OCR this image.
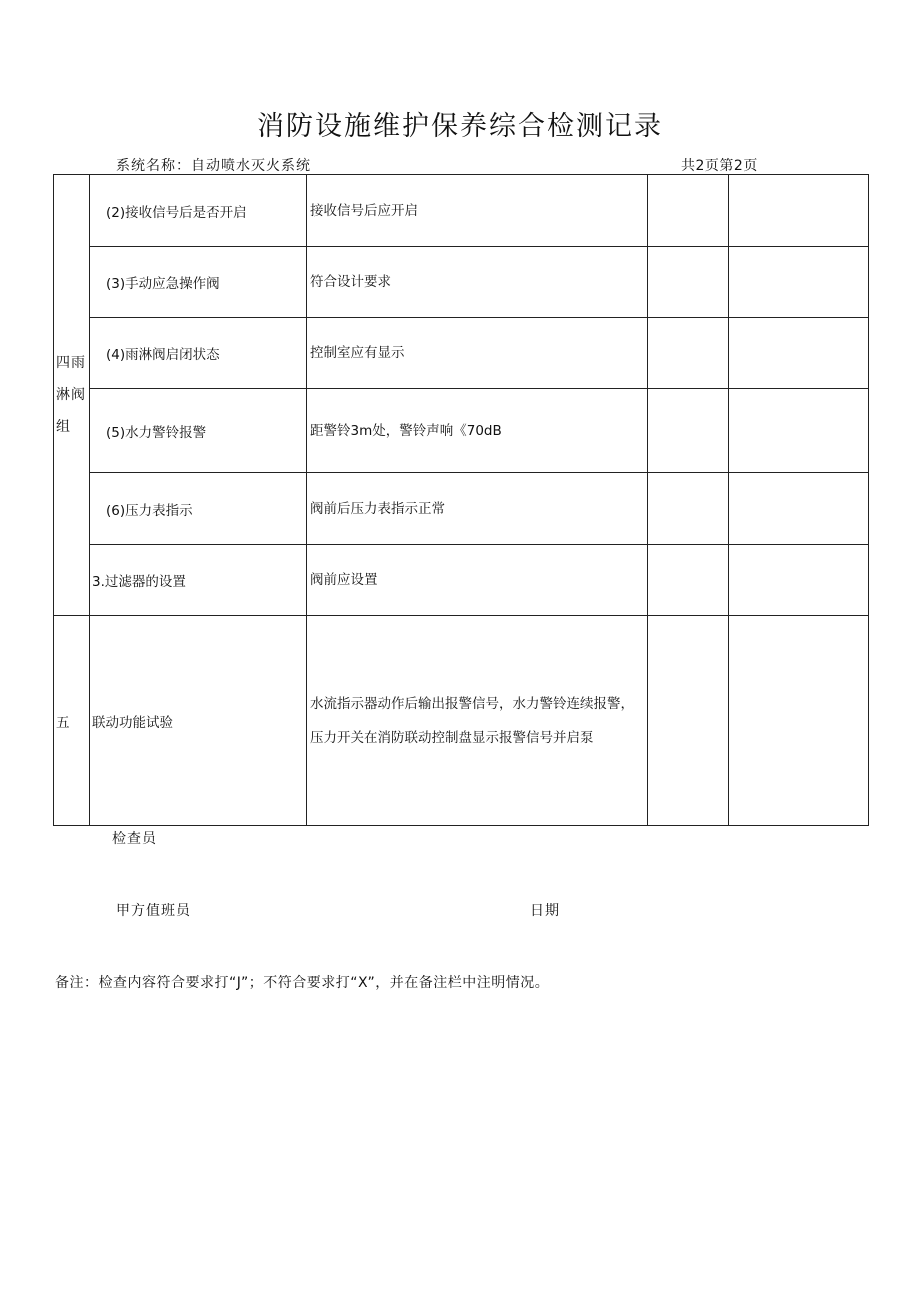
消防设施维护保养综合检测记录
系统名称：自动喷水灭火系统	共2页第2页
四雨淋阀组	(2)接收信号后是否开启	接收信号后应开启		
	(3)手动应急操作阀	符合设计要求		
	(4)雨淋阀启闭状态	控制室应有显示		
	(5)水力警铃报警	距警铃3m处，警铃声响《70dB		
	(6)压力表指示	阀前后压力表指示正常		
	3.过滤器的设置	阀前应设置		
五	联动功能试验	水流指示器动作后输出报警信号，水力警铃连续报警，压力开关在消防联动控制盘显示报警信号并启泵		
检查员
甲方值班员	日期
备注：检查内容符合要求打“J”；不符合要求打“X”，并在备注栏中注明情况。
